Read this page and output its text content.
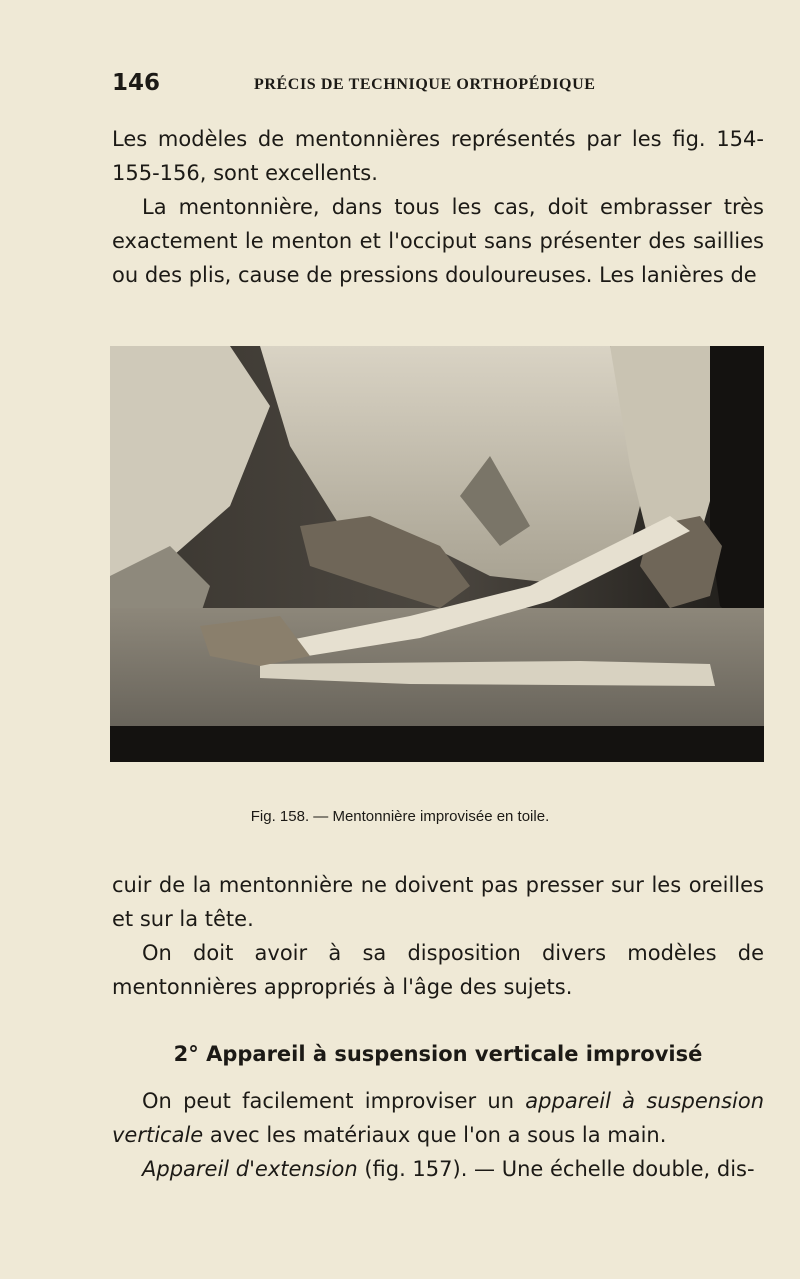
146	PRÉCIS DE TECHNIQUE ORTHOPÉDIQUE

Les modèles de mentonnières représentés par les fig. 154-155-156, sont excellents.

La mentonnière, dans tous les cas, doit embrasser très exactement le menton et l'occiput sans présenter des saillies ou des plis, cause de pressions douloureuses. Les lanières de

Fig. 158. — Mentonnière improvisée en toile.

cuir de la mentonnière ne doivent pas presser sur les oreilles et sur la tête.

On doit avoir à sa disposition divers modèles de mentonnières appropriés à l'âge des sujets.

2° Appareil à suspension verticale improvisé

On peut facilement improviser un appareil à suspension verticale avec les matériaux que l'on a sous la main.

Appareil d'extension (fig. 157). — Une échelle double, dis-
